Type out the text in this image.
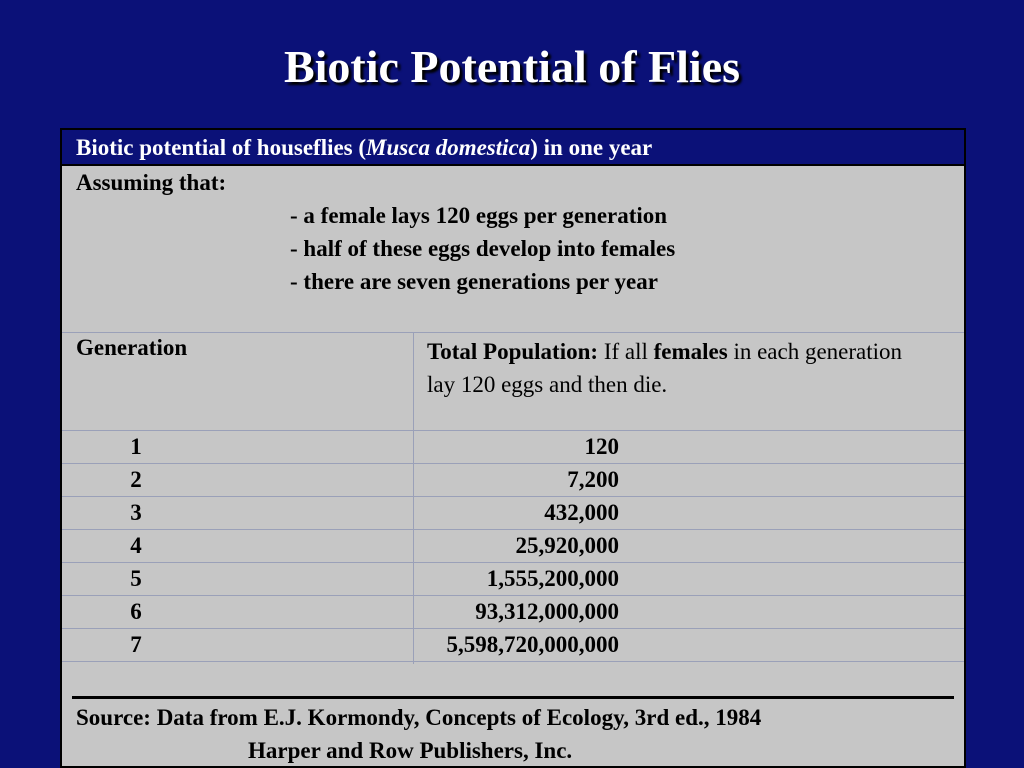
Biotic Potential of Flies
Biotic potential of houseflies (Musca domestica) in one year
Assuming that:
- a female lays 120 eggs per generation
- half of these eggs develop into females
- there are seven generations per year
Generation	Total Population: If all females in each generation lay 120 eggs and then die.
1	120
2	7,200
3	432,000
4	25,920,000
5	1,555,200,000
6	93,312,000,000
7	5,598,720,000,000
Source: Data from E.J. Kormondy, Concepts of Ecology, 3rd ed., 1984
Harper and Row Publishers, Inc.
